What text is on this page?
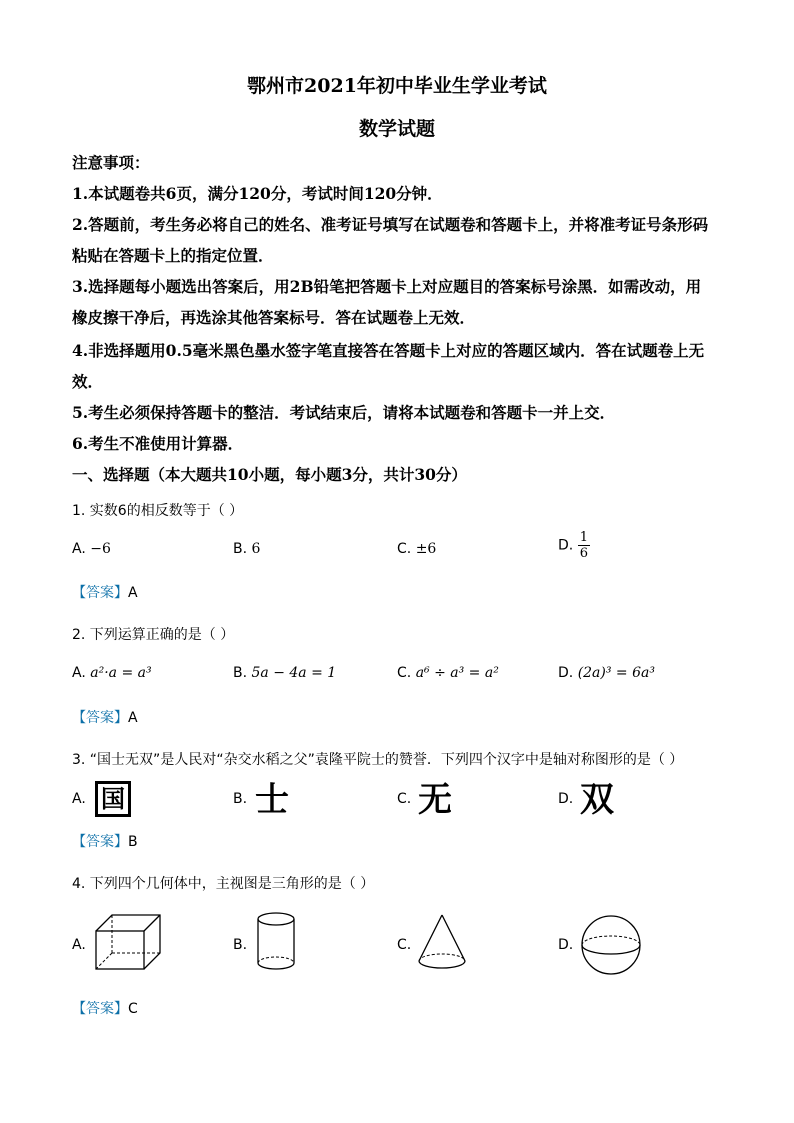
鄂州市2021年初中毕业生学业考试
数学试题
注意事项：
1.本试题卷共6页，满分120分，考试时间120分钟．
2.答题前，考生务必将自己的姓名、准考证号填写在试题卷和答题卡上，并将准考证号条形码
粘贴在答题卡上的指定位置．
3.选择题每小题选出答案后，用2B铅笔把答题卡上对应题目的答案标号涂黑．如需改动，用
橡皮擦干净后，再选涂其他答案标号．答在试题卷上无效．
4.非选择题用0.5毫米黑色墨水签字笔直接答在答题卡上对应的答题区域内．答在试题卷上无
效．
5.考生必须保持答题卡的整洁．考试结束后，请将本试题卷和答题卡一并上交．
6.考生不准使用计算器．
一、选择题（本大题共10小题，每小题3分，共计30分）
1. 实数6的相反数等于（ ）
A. −6	B. 6	C. ±6	D. $\frac{1}{6}$
【答案】A
2. 下列运算正确的是（ ）
A. a²·a = a³	B. 5a − 4a = 1	C. a⁶ ÷ a³ = a²	D. (2a)³ = 6a³
【答案】A
3. “国士无双”是人民对“杂交水稻之父”袁隆平院士的赞誉．下列四个汉字中是轴对称图形的是（ ）
A. 国	B. 士	C. 无	D. 双
【答案】B
4. 下列四个几何体中，主视图是三角形的是（ ）
A.	B.	C.	D.
【答案】C
